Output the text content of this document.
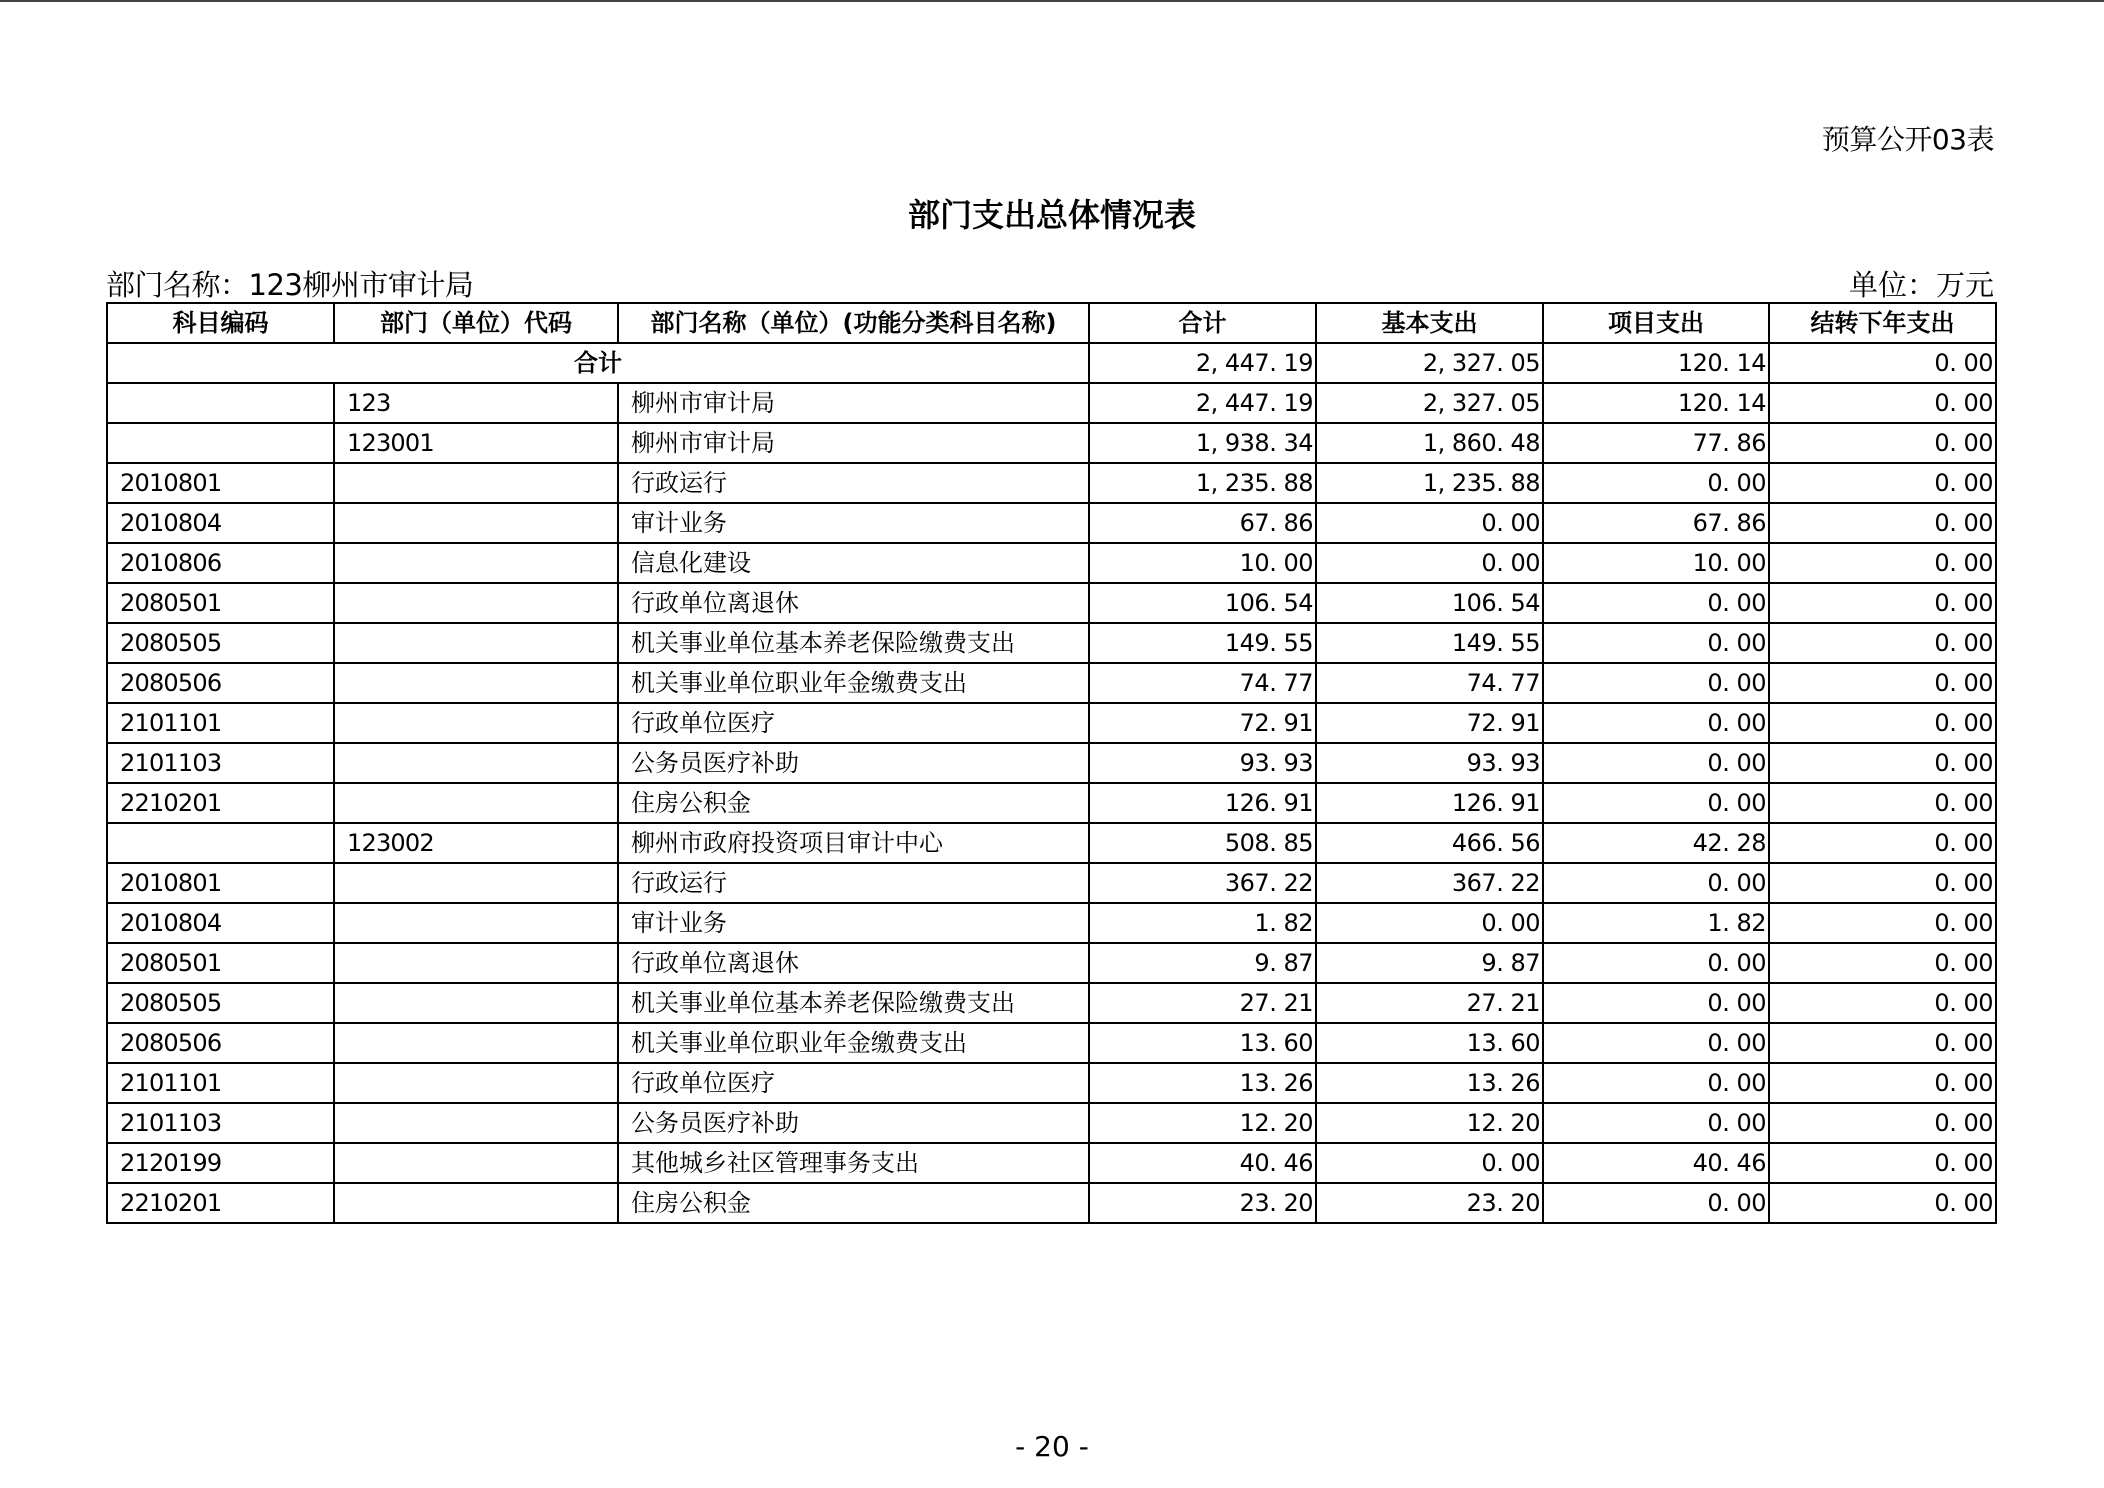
预算公开03表
部门支出总体情况表
部门名称：123柳州市审计局	单位：万元
科目编码	部门（单位）代码	部门名称（单位）(功能分类科目名称)	合计	基本支出	项目支出	结转下年支出
合计			2, 447. 19	2, 327. 05	120. 14	0. 00
	123	柳州市审计局	2, 447. 19	2, 327. 05	120. 14	0. 00
	123001	柳州市审计局	1, 938. 34	1, 860. 48	77. 86	0. 00
2010801		行政运行	1, 235. 88	1, 235. 88	0. 00	0. 00
2010804		审计业务	67. 86	0. 00	67. 86	0. 00
2010806		信息化建设	10. 00	0. 00	10. 00	0. 00
2080501		行政单位离退休	106. 54	106. 54	0. 00	0. 00
2080505		机关事业单位基本养老保险缴费支出	149. 55	149. 55	0. 00	0. 00
2080506		机关事业单位职业年金缴费支出	74. 77	74. 77	0. 00	0. 00
2101101		行政单位医疗	72. 91	72. 91	0. 00	0. 00
2101103		公务员医疗补助	93. 93	93. 93	0. 00	0. 00
2210201		住房公积金	126. 91	126. 91	0. 00	0. 00
	123002	柳州市政府投资项目审计中心	508. 85	466. 56	42. 28	0. 00
2010801		行政运行	367. 22	367. 22	0. 00	0. 00
2010804		审计业务	1. 82	0. 00	1. 82	0. 00
2080501		行政单位离退休	9. 87	9. 87	0. 00	0. 00
2080505		机关事业单位基本养老保险缴费支出	27. 21	27. 21	0. 00	0. 00
2080506		机关事业单位职业年金缴费支出	13. 60	13. 60	0. 00	0. 00
2101101		行政单位医疗	13. 26	13. 26	0. 00	0. 00
2101103		公务员医疗补助	12. 20	12. 20	0. 00	0. 00
2120199		其他城乡社区管理事务支出	40. 46	0. 00	40. 46	0. 00
2210201		住房公积金	23. 20	23. 20	0. 00	0. 00
- 20 -
